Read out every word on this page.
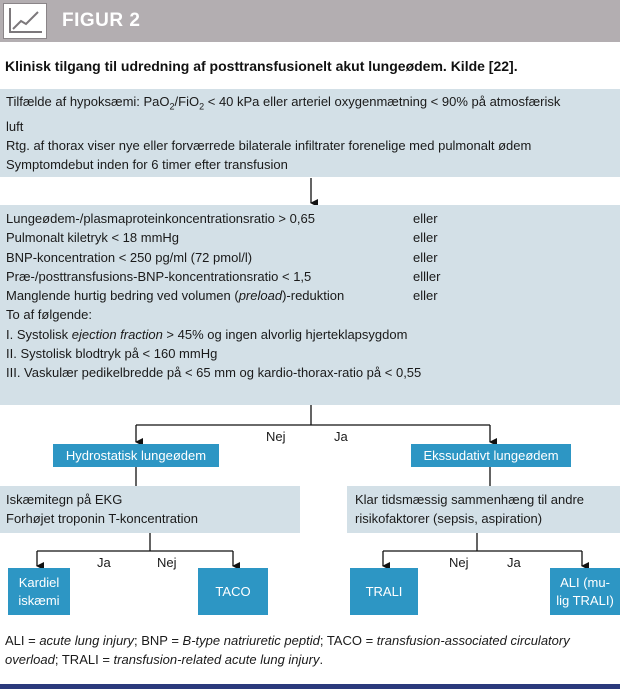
FIGUR 2
Klinisk tilgang til udredning af posttransfusionelt akut lungeødem. Kilde [22].
Tilfælde af hypoksæmi: PaO$_2$/FiO$_2$ < 40 kPa eller arteriel oxygenmætning < 90% på atmosfærisk
luft
Rtg. af thorax viser nye eller forværrede bilaterale infiltrater forenelige med pulmonalt ødem
Symptomdebut inden for 6 timer efter transfusion
Lungeødem-/plasmaproteinkoncentrationsratio > 0,65	eller
Pulmonalt kiletryk < 18 mmHg	eller
BNP-koncentration < 250 pg/ml (72 pmol/l)	eller
Præ-/posttransfusions-BNP-koncentrationsratio < 1,5	elller
Manglende hurtig bedring ved volumen (preload)-reduktion	eller
To af følgende:
I. Systolisk ejection fraction > 45% og ingen alvorlig hjerteklapsygdom
II. Systolisk blodtryk på < 160 mmHg
III. Vaskulær pedikelbredde på < 65 mm og kardio-thorax-ratio på < 0,55
Nej	Ja
Hydrostatisk lungeødem	Ekssudativt lungeødem
Iskæmitegn på EKG
Forhøjet troponin T-koncentration
Klar tidsmæssig sammenhæng til andre
risikofaktorer (sepsis, aspiration)
Ja	Nej	Nej	Ja
Kardiel
iskæmi
TACO	TRALI
ALI (mu-
lig TRALI)
ALI = acute lung injury; BNP = B-type natriuretic peptid; TACO = transfusion-associated circulatory
overload; TRALI = transfusion-related acute lung injury.
